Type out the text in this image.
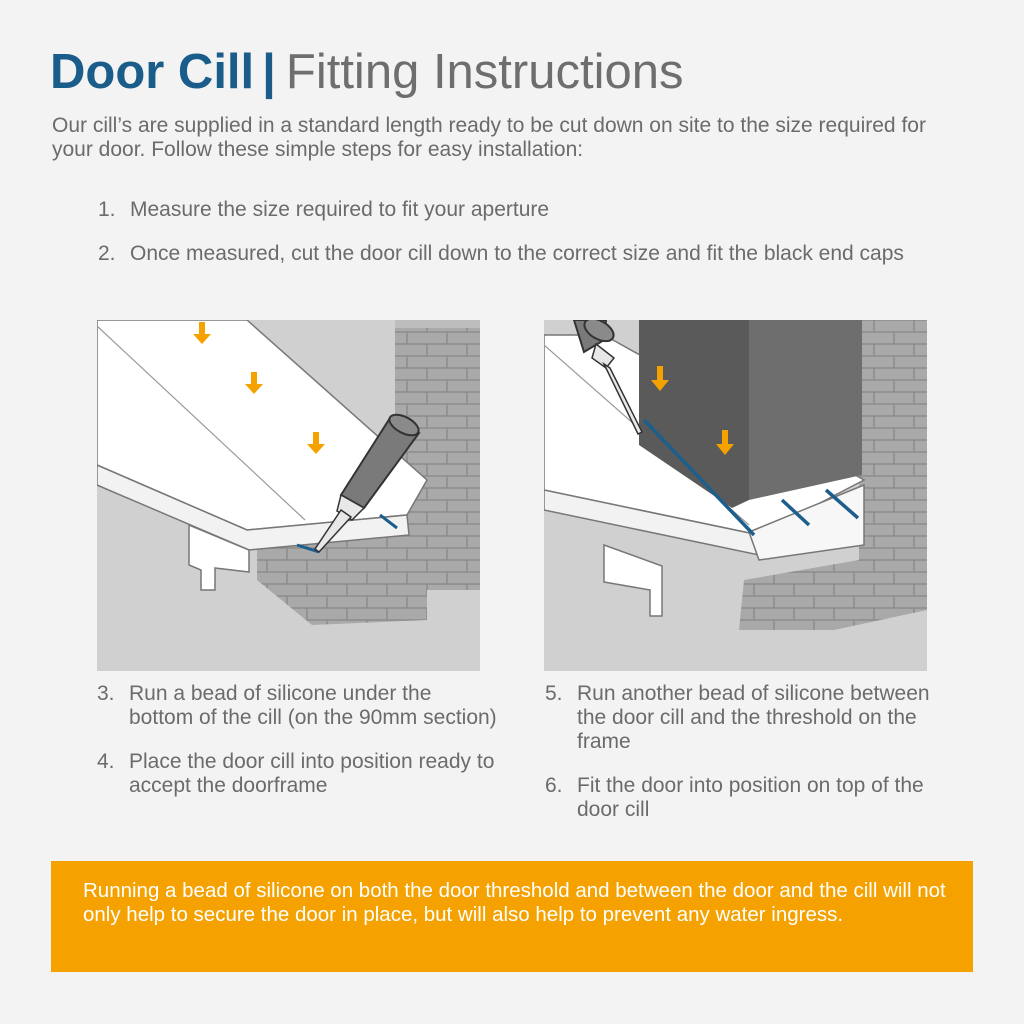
Door Cill | Fitting Instructions
Our cill’s are supplied in a standard length ready to be cut down on site to the size required for your door. Follow these simple steps for easy installation:
1. Measure the size required to fit your aperture
2. Once measured, cut the door cill down to the correct size and fit the black end caps
3. Run a bead of silicone under the bottom of the cill (on the 90mm section)
4. Place the door cill into position ready to accept the doorframe
5. Run another bead of silicone between the door cill and the threshold on the frame
6. Fit the door into position on top of the door cill
Running a bead of silicone on both the door threshold and between the door and the cill will not only help to secure the door in place, but will also help to prevent any water ingress.
